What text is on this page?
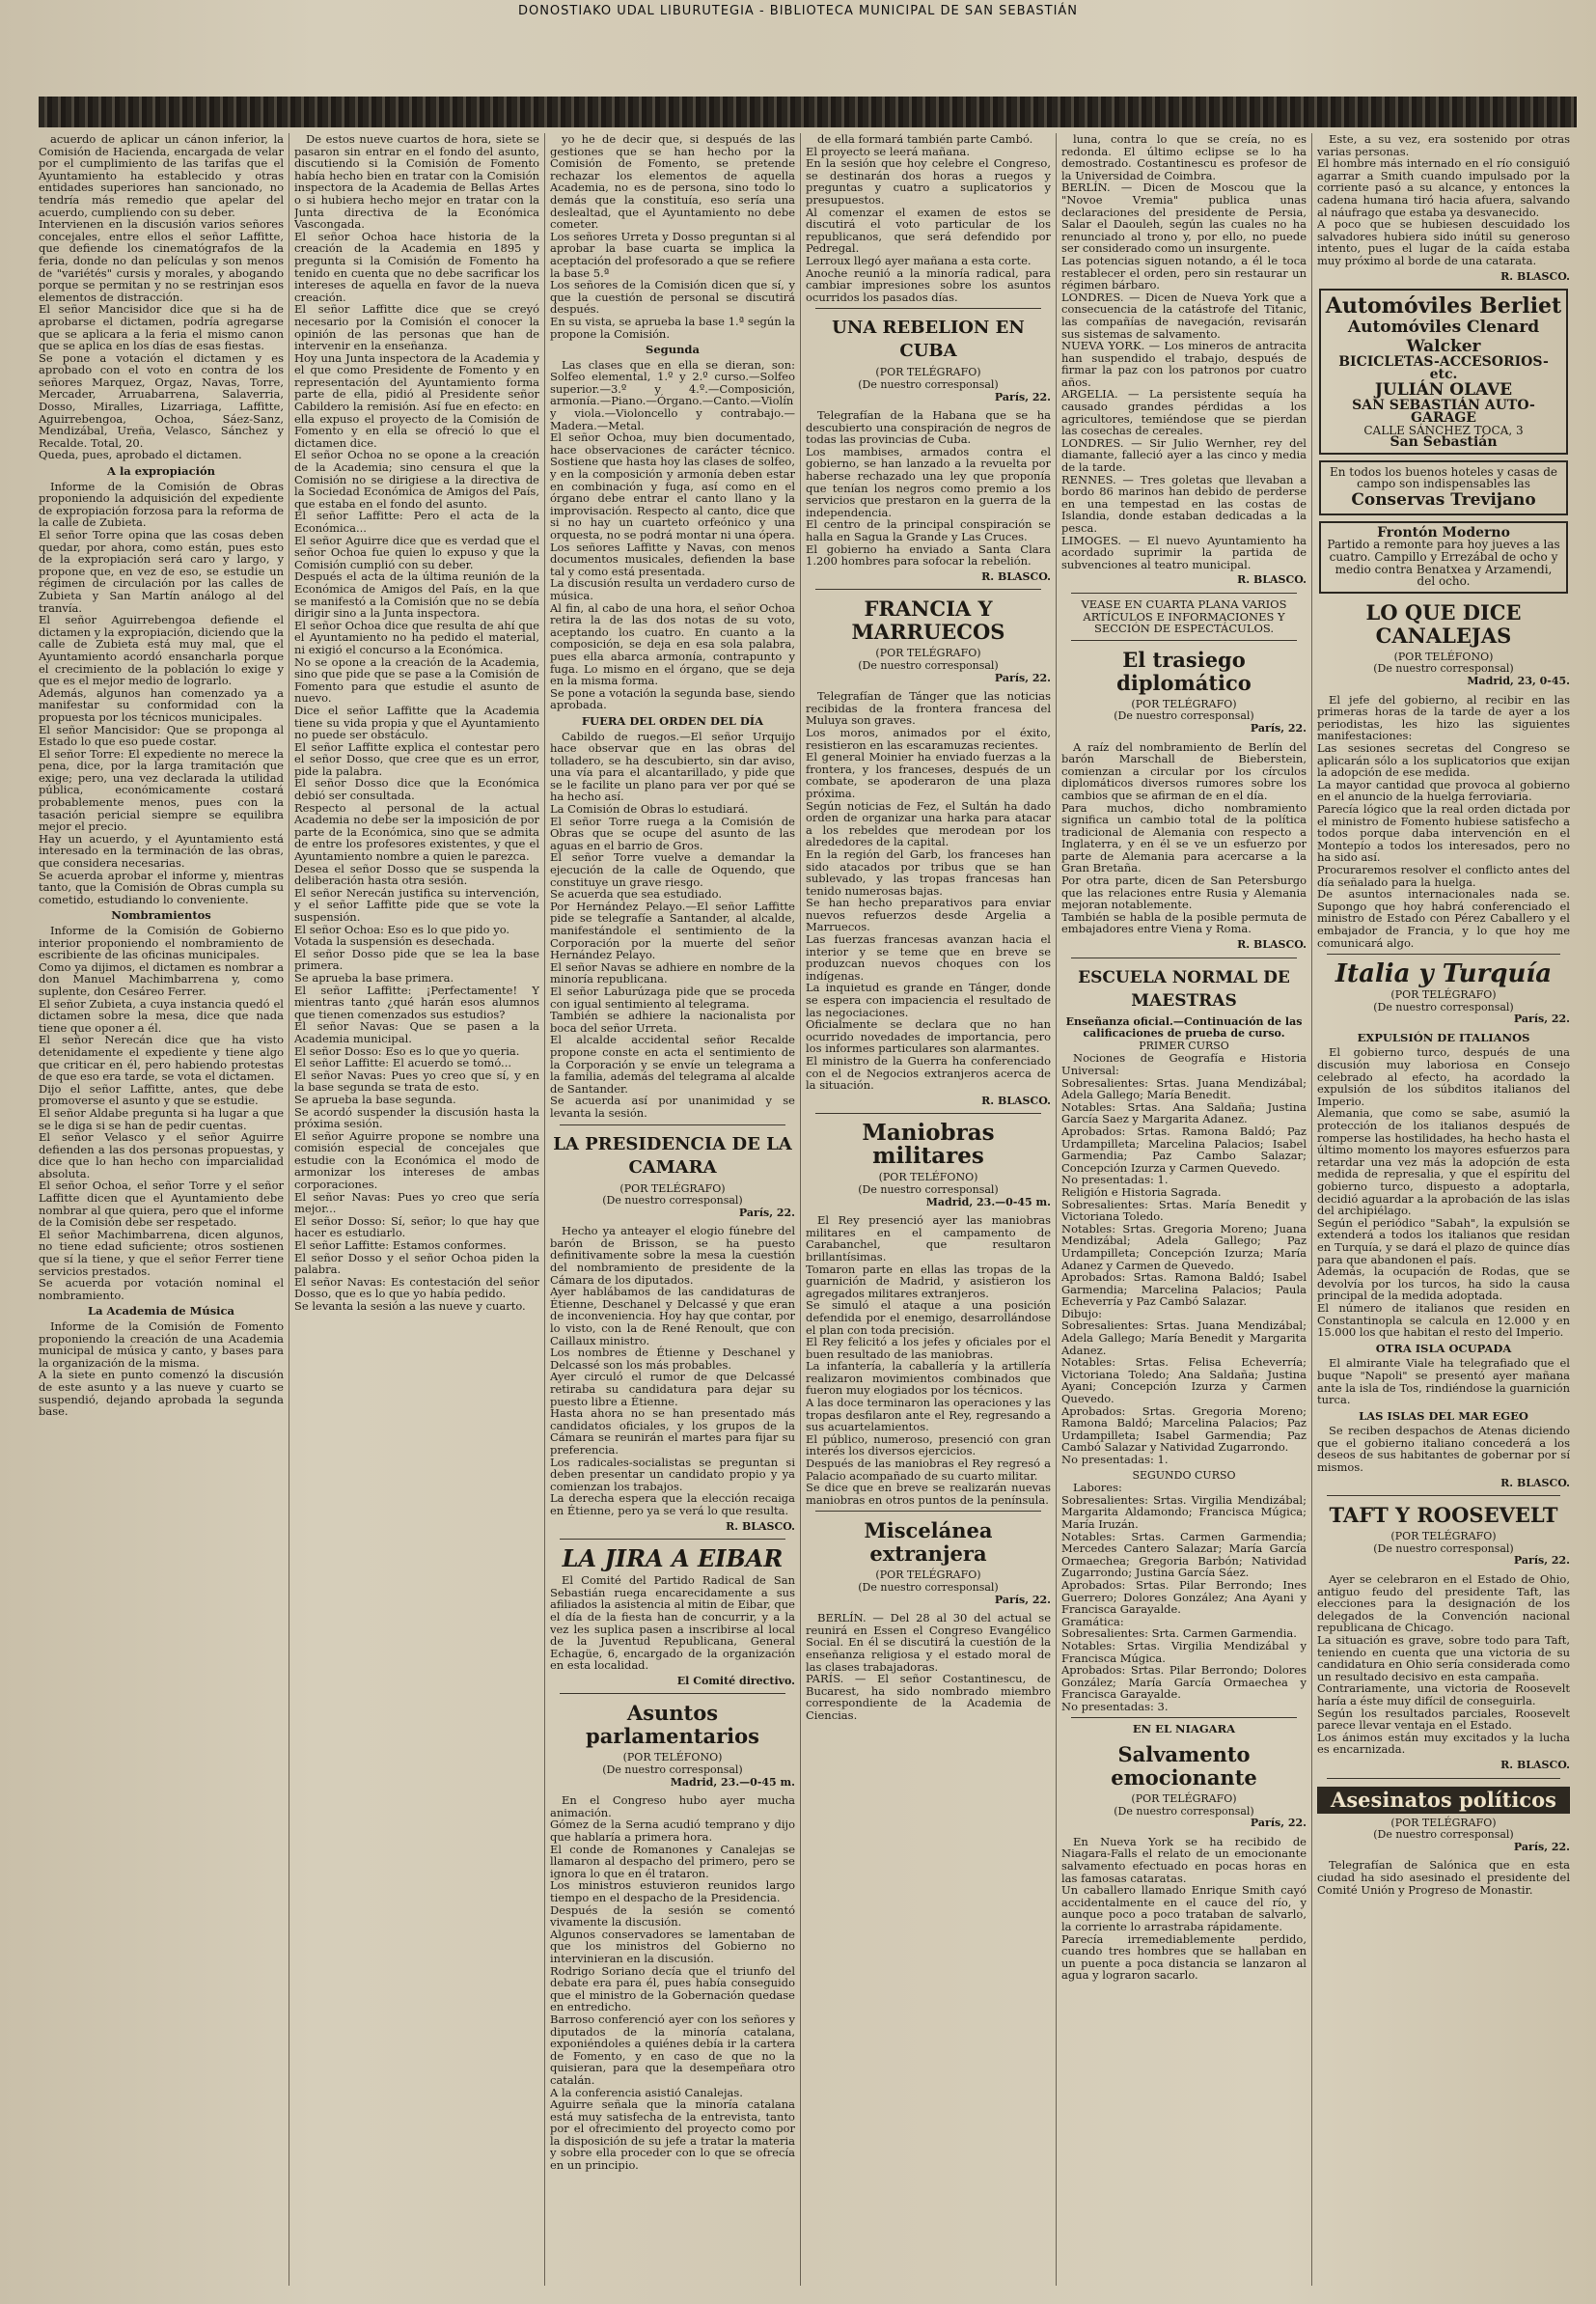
DONOSTIAKO UDAL LIBURUTEGIA - BIBLIOTECA MUNICIPAL DE SAN SEBASTIÁN
acuerdo de aplicar un cánon inferior, la Comisión de Hacienda, encargada de velar por el cumplimiento de las tarifas que el Ayuntamiento ha establecido y otras entidades superiores han sancionado, no tendría más remedio que apelar del acuerdo, cumpliendo con su deber.
Intervienen en la discusión varios señores concejales, entre ellos el señor Laffitte, que defiende los cinematógrafos de la feria, donde no dan películas y son menos de "variétés" cursis y morales, y abogando porque se permitan y no se restrinjan esos elementos de distracción.
El señor Mancisidor dice que si ha de aprobarse el dictamen, podría agregarse que se aplicara a la feria el mismo canon que se aplica en los días de esas fiestas.
Se pone a votación el dictamen y es aprobado con el voto en contra de los señores Marquez, Orgaz, Navas, Torre, Mercader, Arruabarrena, Salaverria, Dosso, Miralles, Lizarriaga, Laffitte, Aguirrebengoa, Ochoa, Sáez-Sanz, Mendizábal, Ureña, Velasco, Sánchez y Recalde. Total, 20.
Queda, pues, aprobado el dictamen.
A la expropiación
Informe de la Comisión de Obras proponiendo la adquisición del expediente de expropiación forzosa para la reforma de la calle de Zubieta.
El señor Torre opina que las cosas deben quedar, por ahora, como están, pues esto de la expropiación será caro y largo, y propone que, en vez de eso, se estudie un régimen de circulación por las calles de Zubieta y San Martín análogo al del tranvía.
El señor Aguirrebengoa defiende el dictamen y la expropiación, diciendo que la calle de Zubieta está muy mal, que el Ayuntamiento acordó ensancharla porque el crecimiento de la población lo exige y que es el mejor medio de lograrlo.
Además, algunos han comenzado ya a manifestar su conformidad con la propuesta por los técnicos municipales.
El señor Mancisidor: Que se proponga al Estado lo que eso puede costar.
El señor Torre: El expediente no merece la pena, dice, por la larga tramitación que exige; pero, una vez declarada la utilidad pública, económicamente costará probablemente menos, pues con la tasación pericial siempre se equilibra mejor el precio.
Hay un acuerdo, y el Ayuntamiento está interesado en la terminación de las obras, que considera necesarias.
Se acuerda aprobar el informe y, mientras tanto, que la Comisión de Obras cumpla su cometido, estudiando lo conveniente.
Nombramientos
Informe de la Comisión de Gobierno interior proponiendo el nombramiento de escribiente de las oficinas municipales.
Como ya dijimos, el dictamen es nombrar a don Manuel Machimbarrena y, como suplente, don Cesáreo Ferrer.
El señor Zubieta, a cuya instancia quedó el dictamen sobre la mesa, dice que nada tiene que oponer a él.
El señor Nerecán dice que ha visto detenidamente el expediente y tiene algo que criticar en él, pero habiendo protestas de que eso era tarde, se vota el dictamen.
Dijo el señor Laffitte, antes, que debe promoverse el asunto y que se estudie.
El señor Aldabe pregunta si ha lugar a que se le diga si se han de pedir cuentas.
El señor Velasco y el señor Aguirre defienden a las dos personas propuestas, y dice que lo han hecho con imparcialidad absoluta.
El señor Ochoa, el señor Torre y el señor Laffitte dicen que el Ayuntamiento debe nombrar al que quiera, pero que el informe de la Comisión debe ser respetado.
El señor Machimbarrena, dicen algunos, no tiene edad suficiente; otros sostienen que sí la tiene, y que el señor Ferrer tiene servicios prestados.
Se acuerda por votación nominal el nombramiento.
La Academia de Música
Informe de la Comisión de Fomento proponiendo la creación de una Academia municipal de música y canto, y bases para la organización de la misma.
A la siete en punto comenzó la discusión de este asunto y a las nueve y cuarto se suspendió, dejando aprobada la segunda base.
De estos nueve cuartos de hora, siete se pasaron sin entrar en el fondo del asunto, discutiendo si la Comisión de Fomento había hecho bien en tratar con la Comisión inspectora de la Academia de Bellas Artes o si hubiera hecho mejor en tratar con la Junta directiva de la Económica Vascongada.
El señor Ochoa hace historia de la creación de la Academia en 1895 y pregunta si la Comisión de Fomento ha tenido en cuenta que no debe sacrificar los intereses de aquella en favor de la nueva creación.
El señor Laffitte dice que se creyó necesario por la Comisión el conocer la opinión de las personas que han de intervenir en la enseñanza.
Hoy una Junta inspectora de la Academia y el que como Presidente de Fomento y en representación del Ayuntamiento forma parte de ella, pidió al Presidente señor Cabildero la remisión. Así fue en efecto: en ella expuso el proyecto de la Comisión de Fomento y en ella se ofreció lo que el dictamen dice.
El señor Ochoa no se opone a la creación de la Academia; sino censura el que la Comisión no se dirigiese a la directiva de la Sociedad Económica de Amigos del País, que estaba en el fondo del asunto.
El señor Laffitte: Pero el acta de la Económica...
El señor Aguirre dice que es verdad que el señor Ochoa fue quien lo expuso y que la Comisión cumplió con su deber.
Después el acta de la última reunión de la Económica de Amigos del País, en la que se manifestó a la Comisión que no se debía dirigir sino a la Junta inspectora.
El señor Ochoa dice que resulta de ahí que el Ayuntamiento no ha pedido el material, ni exigió el concurso a la Económica.
No se opone a la creación de la Academia, sino que pide que se pase a la Comisión de Fomento para que estudie el asunto de nuevo.
Dice el señor Laffitte que la Academia tiene su vida propia y que el Ayuntamiento no puede ser obstáculo.
El señor Laffitte explica el contestar pero el señor Dosso, que cree que es un error, pide la palabra.
El señor Dosso dice que la Económica debió ser consultada.
Respecto al personal de la actual Academia no debe ser la imposición de por parte de la Económica, sino que se admita de entre los profesores existentes, y que el Ayuntamiento nombre a quien le parezca.
Desea el señor Dosso que se suspenda la deliberación hasta otra sesión.
El señor Nerecán justifica su intervención, y el señor Laffitte pide que se vote la suspensión.
El señor Ochoa: Eso es lo que pido yo.
Votada la suspensión es desechada.
El señor Dosso pide que se lea la base primera.
Se aprueba la base primera.
El señor Laffitte: ¡Perfectamente! Y mientras tanto ¿qué harán esos alumnos que tienen comenzados sus estudios?
El señor Navas: Que se pasen a la Academia municipal.
El señor Dosso: Eso es lo que yo queria.
El señor Laffitte: El acuerdo se tomó...
El señor Navas: Pues yo creo que sí, y en la base segunda se trata de esto.
Se aprueba la base segunda.
Se acordó suspender la discusión hasta la próxima sesión.
El señor Aguirre propone se nombre una comisión especial de concejales que estudie con la Económica el modo de armonizar los intereses de ambas corporaciones.
El señor Navas: Pues yo creo que sería mejor...
El señor Dosso: Sí, señor; lo que hay que hacer es estudiarlo.
El señor Laffitte: Estamos conformes.
El señor Dosso y el señor Ochoa piden la palabra.
El señor Navas: Es contestación del señor Dosso, que es lo que yo había pedido.
Se levanta la sesión a las nueve y cuarto.
yo he de decir que, si después de las gestiones que se han hecho por la Comisión de Fomento, se pretende rechazar los elementos de aquella Academia, no es de persona, sino todo lo demás que la constituía, eso sería una deslealtad, que el Ayuntamiento no debe cometer.
Los señores Urreta y Dosso preguntan si al aprobar la base cuarta se implica la aceptación del profesorado a que se refiere la base 5.ª
Los señores de la Comisión dicen que sí, y que la cuestión de personal se discutirá después.
En su vista, se aprueba la base 1.ª según la propone la Comisión.
Segunda
Las clases que en ella se dieran, son: Solfeo elemental, 1.º y 2.º curso.—Solfeo superior.—3.º y 4.º.—Composición, armonía.—Piano.—Órgano.—Canto.—Violín y viola.—Violoncello y contrabajo.—Madera.—Metal.
El señor Ochoa, muy bien documentado, hace observaciones de carácter técnico. Sostiene que hasta hoy las clases de solfeo, y en la composición y armonía deben estar en combinación y fuga, así como en el órgano debe entrar el canto llano y la improvisación. Respecto al canto, dice que si no hay un cuarteto orfeónico y una orquesta, no se podrá montar ni una ópera.
Los señores Laffitte y Navas, con menos documentos musicales, defienden la base tal y como está presentada.
La discusión resulta un verdadero curso de música.
Al fin, al cabo de una hora, el señor Ochoa retira la de las dos notas de su voto, aceptando los cuatro. En cuanto a la composición, se deja en esa sola palabra, pues ella abarca armonía, contrapunto y fuga. Lo mismo en el órgano, que se deja en la misma forma.
Se pone a votación la segunda base, siendo aprobada.
FUERA DEL ORDEN DEL DÍA
Cabildo de ruegos.—El señor Urquijo hace observar que en las obras del tolladero, se ha descubierto, sin dar aviso, una vía para el alcantarillado, y pide que se le facilite un plano para ver por qué se ha hecho así.
La Comisión de Obras lo estudiará.
El señor Torre ruega a la Comisión de Obras que se ocupe del asunto de las aguas en el barrio de Gros.
El señor Torre vuelve a demandar la ejecución de la calle de Oquendo, que constituye un grave riesgo.
Se acuerda que sea estudiado.
Por Hernández Pelayo.—El señor Laffitte pide se telegrafíe a Santander, al alcalde, manifestándole el sentimiento de la Corporación por la muerte del señor Hernández Pelayo.
El señor Navas se adhiere en nombre de la minoría republicana.
El señor Laburúzaga pide que se proceda con igual sentimiento al telegrama.
También se adhiere la nacionalista por boca del señor Urreta.
El alcalde accidental señor Recalde propone conste en acta el sentimiento de la Corporación y se envíe un telegrama a la familia, además del telegrama al alcalde de Santander.
Se acuerda así por unanimidad y se levanta la sesión.
LA PRESIDENCIA DE LA CAMARA
(POR TELÉGRAFO)
(De nuestro corresponsal)
París, 22.
Hecho ya anteayer el elogio fúnebre del barón de Brisson, se ha puesto definitivamente sobre la mesa la cuestión del nombramiento de presidente de la Cámara de los diputados.
Ayer hablábamos de las candidaturas de Étienne, Deschanel y Delcassé y que eran de inconveniencia. Hoy hay que contar, por lo visto, con la de René Renoult, que con Caillaux ministro.
Los nombres de Étienne y Deschanel y Delcassé son los más probables.
Ayer circuló el rumor de que Delcassé retiraba su candidatura para dejar su puesto libre a Étienne.
Hasta ahora no se han presentado más candidatos oficiales, y los grupos de la Cámara se reunirán el martes para fijar su preferencia.
Los radicales-socialistas se preguntan si deben presentar un candidato propio y ya comienzan los trabajos.
La derecha espera que la elección recaiga en Étienne, pero ya se verá lo que resulta.
R. BLASCO.
LA JIRA A EIBAR
El Comité del Partido Radical de San Sebastián ruega encarecidamente a sus afiliados la asistencia al mitin de Eibar, que el día de la fiesta han de concurrir, y a la vez les suplica pasen a inscribirse al local de la Juventud Republicana, General Echagüe, 6, encargado de la organización en esta localidad.
El Comité directivo.
Asuntos parlamentarios
(POR TELÉFONO)
(De nuestro corresponsal)
Madrid, 23.—0-45 m.
En el Congreso hubo ayer mucha animación.
Gómez de la Serna acudió temprano y dijo que hablaría a primera hora.
El conde de Romanones y Canalejas se llamaron al despacho del primero, pero se ignora lo que en él trataron.
Los ministros estuvieron reunidos largo tiempo en el despacho de la Presidencia.
Después de la sesión se comentó vivamente la discusión.
Algunos conservadores se lamentaban de que los ministros del Gobierno no intervinieran en la discusión.
Rodrigo Soriano decía que el triunfo del debate era para él, pues había conseguido que el ministro de la Gobernación quedase en entredicho.
Barroso conferenció ayer con los señores y diputados de la minoría catalana, exponiéndoles a quiénes debía ir la cartera de Fomento, y en caso de que no la quisieran, para que la desempeñara otro catalán.
A la conferencia asistió Canalejas.
Aguirre señala que la minoría catalana está muy satisfecha de la entrevista, tanto por el ofrecimiento del proyecto como por la disposición de su jefe a tratar la materia y sobre ella proceder con lo que se ofrecía en un principio.
de ella formará también parte Cambó.
El proyecto se leerá mañana.
En la sesión que hoy celebre el Congreso, se destinarán dos horas a ruegos y preguntas y cuatro a suplicatorios y presupuestos.
Al comenzar el examen de estos se discutirá el voto particular de los republicanos, que será defendido por Pedregal.
Lerroux llegó ayer mañana a esta corte.
Anoche reunió a la minoría radical, para cambiar impresiones sobre los asuntos ocurridos los pasados días.
UNA REBELION EN CUBA
(POR TELÉGRAFO)
(De nuestro corresponsal)
París, 22.
Telegrafían de la Habana que se ha descubierto una conspiración de negros de todas las provincias de Cuba.
Los mambises, armados contra el gobierno, se han lanzado a la revuelta por haberse rechazado una ley que proponía que tenían los negros como premio a los servicios que prestaron en la guerra de la independencia.
El centro de la principal conspiración se halla en Sagua la Grande y Las Cruces.
El gobierno ha enviado a Santa Clara 1.200 hombres para sofocar la rebelión.
R. BLASCO.
FRANCIA Y MARRUECOS
(POR TELÉGRAFO)
(De nuestro corresponsal)
París, 22.
Telegrafían de Tánger que las noticias recibidas de la frontera francesa del Muluya son graves.
Los moros, animados por el éxito, resistieron en las escaramuzas recientes.
El general Moinier ha enviado fuerzas a la frontera, y los franceses, después de un combate, se apoderaron de una plaza próxima.
Según noticias de Fez, el Sultán ha dado orden de organizar una harka para atacar a los rebeldes que merodean por los alrededores de la capital.
En la región del Garb, los franceses han sido atacados por tribus que se han sublevado, y las tropas francesas han tenido numerosas bajas.
Se han hecho preparativos para enviar nuevos refuerzos desde Argelia a Marruecos.
Las fuerzas francesas avanzan hacia el interior y se teme que en breve se produzcan nuevos choques con los indígenas.
La inquietud es grande en Tánger, donde se espera con impaciencia el resultado de las negociaciones.
Oficialmente se declara que no han ocurrido novedades de importancia, pero los informes particulares son alarmantes.
El ministro de la Guerra ha conferenciado con el de Negocios extranjeros acerca de la situación.
R. BLASCO.
Maniobras militares
(POR TELÉFONO)
(De nuestro corresponsal)
Madrid, 23.—0-45 m.
El Rey presenció ayer las maniobras militares en el campamento de Carabanchel, que resultaron brillantísimas.
Tomaron parte en ellas las tropas de la guarnición de Madrid, y asistieron los agregados militares extranjeros.
Se simuló el ataque a una posición defendida por el enemigo, desarrollándose el plan con toda precisión.
El Rey felicitó a los jefes y oficiales por el buen resultado de las maniobras.
La infantería, la caballería y la artillería realizaron movimientos combinados que fueron muy elogiados por los técnicos.
A las doce terminaron las operaciones y las tropas desfilaron ante el Rey, regresando a sus acuartelamientos.
El público, numeroso, presenció con gran interés los diversos ejercicios.
Después de las maniobras el Rey regresó a Palacio acompañado de su cuarto militar.
Se dice que en breve se realizarán nuevas maniobras en otros puntos de la península.
Miscelánea extranjera
(POR TELÉGRAFO)
(De nuestro corresponsal)
París, 22.
BERLÍN. — Del 28 al 30 del actual se reunirá en Essen el Congreso Evangélico Social. En él se discutirá la cuestión de la enseñanza religiosa y el estado moral de las clases trabajadoras.
PARÍS. — El señor Costantinescu, de Bucarest, ha sido nombrado miembro correspondiente de la Academia de Ciencias.
luna, contra lo que se creía, no es redonda. El último eclipse se lo ha demostrado. Costantinescu es profesor de la Universidad de Coimbra.
BERLÍN. — Dicen de Moscou que la "Novoe Vremia" publica unas declaraciones del presidente de Persia, Salar el Daouleh, según las cuales no ha renunciado al trono y, por ello, no puede ser considerado como un insurgente.
Las potencias siguen notando, a él le toca restablecer el orden, pero sin restaurar un régimen bárbaro.
LONDRES. — Dicen de Nueva York que a consecuencia de la catástrofe del Titanic, las compañías de navegación, revisarán sus sistemas de salvamento.
NUEVA YORK. — Los mineros de antracita han suspendido el trabajo, después de firmar la paz con los patronos por cuatro años.
ARGELIA. — La persistente sequía ha causado grandes pérdidas a los agricultores, temiéndose que se pierdan las cosechas de cereales.
LONDRES. — Sir Julio Wernher, rey del diamante, falleció ayer a las cinco y media de la tarde.
RENNES. — Tres goletas que llevaban a bordo 86 marinos han debido de perderse en una tempestad en las costas de Islandia, donde estaban dedicadas a la pesca.
LIMOGES. — El nuevo Ayuntamiento ha acordado suprimir la partida de subvenciones al teatro municipal.
R. BLASCO.
VEASE EN CUARTA PLANA VARIOS ARTÍCULOS E INFORMACIONES Y SECCIÓN DE ESPECTÁCULOS.
El trasiego diplomático
(POR TELÉGRAFO)
(De nuestro corresponsal)
París, 22.
A raíz del nombramiento de Berlín del barón Marschall de Bieberstein, comienzan a circular por los círculos diplomáticos diversos rumores sobre los cambios que se afirman de en el día.
Para muchos, dicho nombramiento significa un cambio total de la política tradicional de Alemania con respecto a Inglaterra, y en él se ve un esfuerzo por parte de Alemania para acercarse a la Gran Bretaña.
Por otra parte, dicen de San Petersburgo que las relaciones entre Rusia y Alemania mejoran notablemente.
También se habla de la posible permuta de embajadores entre Viena y Roma.
R. BLASCO.
ESCUELA NORMAL DE MAESTRAS
Enseñanza oficial.—Continuación de las calificaciones de prueba de curso.
PRIMER CURSO
Nociones de Geografía e Historia Universal:
Sobresalientes: Srtas. Juana Mendizábal; Adela Gallego; María Benedit.
Notables: Srtas. Ana Saldaña; Justina García Saez y Margarita Adanez.
Aprobados: Srtas. Ramona Baldó; Paz Urdampilleta; Marcelina Palacios; Isabel Garmendia; Paz Cambo Salazar; Concepción Izurza y Carmen Quevedo.
No presentadas: 1.
Religión e Historia Sagrada.
Sobresalientes: Srtas. María Benedit y Victoriana Toledo.
Notables: Srtas. Gregoria Moreno; Juana Mendizábal; Adela Gallego; Paz Urdampilleta; Concepción Izurza; María Adanez y Carmen de Quevedo.
Aprobados: Srtas. Ramona Baldó; Isabel Garmendia; Marcelina Palacios; Paula Echeverría y Paz Cambó Salazar.
Dibujo:
Sobresalientes: Srtas. Juana Mendizábal; Adela Gallego; María Benedit y Margarita Adanez.
Notables: Srtas. Felisa Echeverría; Victoriana Toledo; Ana Saldaña; Justina Ayani; Concepción Izurza y Carmen Quevedo.
Aprobados: Srtas. Gregoria Moreno; Ramona Baldó; Marcelina Palacios; Paz Urdampilleta; Isabel Garmendia; Paz Cambó Salazar y Natividad Zugarrondo.
No presentadas: 1.
SEGUNDO CURSO
Labores:
Sobresalientes: Srtas. Virgilia Mendizábal; Margarita Aldamondo; Francisca Múgica; María Iruzán.
Notables: Srtas. Carmen Garmendia; Mercedes Cantero Salazar; María García Ormaechea; Gregoria Barbón; Natividad Zugarrondo; Justina García Sáez.
Aprobados: Srtas. Pilar Berrondo; Ines Guerrero; Dolores González; Ana Ayani y Francisca Garayalde.
Gramática:
Sobresalientes: Srta. Carmen Garmendia.
Notables: Srtas. Virgilia Mendizábal y Francisca Múgica.
Aprobados: Srtas. Pilar Berrondo; Dolores González; María García Ormaechea y Francisca Garayalde.
No presentadas: 3.
EN EL NIAGARA
Salvamento emocionante
(POR TELÉGRAFO)
(De nuestro corresponsal)
París, 22.
En Nueva York se ha recibido de Niagara-Falls el relato de un emocionante salvamento efectuado en pocas horas en las famosas cataratas.
Un caballero llamado Enrique Smith cayó accidentalmente en el cauce del río, y aunque poco a poco trataban de salvarlo, la corriente lo arrastraba rápidamente.
Parecía irremediablemente perdido, cuando tres hombres que se hallaban en un puente a poca distancia se lanzaron al agua y lograron sacarlo.
Este, a su vez, era sostenido por otras varias personas.
El hombre más internado en el río consiguió agarrar a Smith cuando impulsado por la corriente pasó a su alcance, y entonces la cadena humana tiró hacia afuera, salvando al náufrago que estaba ya desvanecido.
A poco que se hubiesen descuidado los salvadores hubiera sido inútil su generoso intento, pues el lugar de la caída estaba muy próximo al borde de una catarata.
R. BLASCO.
Automóviles Berliet
Automóviles Clenard Walcker
BICICLETAS-ACCESORIOS-etc.
JULIÁN OLAVE
SAN SEBASTIÁN AUTO-GARAGE
CALLE SÁNCHEZ TOCA, 3
San Sebastián
En todos los buenos hoteles y casas de campo son indispensables las
Conservas Trevijano
Frontón Moderno
Partido a remonte para hoy jueves a las cuatro. Campillo y Errezábal de ocho y medio contra Benatxea y Arzamendi, del ocho.
LO QUE DICE CANALEJAS
(POR TELÉFONO)
(De nuestro corresponsal)
Madrid, 23, 0-45.
El jefe del gobierno, al recibir en las primeras horas de la tarde de ayer a los periodistas, les hizo las siguientes manifestaciones:
Las sesiones secretas del Congreso se aplicarán sólo a los suplicatorios que exijan la adopción de ese medida.
La mayor cantidad que provoca al gobierno en el anuncio de la huelga ferroviaria.
Parecía lógico que la real orden dictada por el ministro de Fomento hubiese satisfecho a todos porque daba intervención en el Montepío a todos los interesados, pero no ha sido así.
Procuraremos resolver el conflicto antes del día señalado para la huelga.
De asuntos internacionales nada se. Supongo que hoy habrá conferenciado el ministro de Estado con Pérez Caballero y el embajador de Francia, y lo que hoy me comunicará algo.
Italia y Turquía
(POR TELÉGRAFO)
(De nuestro corresponsal)
París, 22.
EXPULSIÓN DE ITALIANOS
El gobierno turco, después de una discusión muy laboriosa en Consejo celebrado al efecto, ha acordado la expulsión de los súbditos italianos del Imperio.
Alemania, que como se sabe, asumió la protección de los italianos después de romperse las hostilidades, ha hecho hasta el último momento los mayores esfuerzos para retardar una vez más la adopción de esta medida de represalia, y que el espíritu del gobierno turco, dispuesto a adoptarla, decidió aguardar a la aprobación de las islas del archipiélago.
Según el periódico "Sabah", la expulsión se extenderá a todos los italianos que residan en Turquía, y se dará el plazo de quince días para que abandonen el país.
Además, la ocupación de Rodas, que se devolvía por los turcos, ha sido la causa principal de la medida adoptada.
El número de italianos que residen en Constantinopla se calcula en 12.000 y en 15.000 los que habitan el resto del Imperio.
OTRA ISLA OCUPADA
El almirante Viale ha telegrafiado que el buque "Napoli" se presentó ayer mañana ante la isla de Tos, rindiéndose la guarnición turca.
LAS ISLAS DEL MAR EGEO
Se reciben despachos de Atenas diciendo que el gobierno italiano concederá a los deseos de sus habitantes de gobernar por sí mismos.
R. BLASCO.
TAFT Y ROOSEVELT
(POR TELÉGRAFO)
(De nuestro corresponsal)
París, 22.
Ayer se celebraron en el Estado de Ohio, antiguo feudo del presidente Taft, las elecciones para la designación de los delegados de la Convención nacional republicana de Chicago.
La situación es grave, sobre todo para Taft, teniendo en cuenta que una victoria de su candidatura en Ohio sería considerada como un resultado decisivo en esta campaña.
Contrariamente, una victoria de Roosevelt haría a éste muy difícil de conseguirla.
Según los resultados parciales, Roosevelt parece llevar ventaja en el Estado.
Los ánimos están muy excitados y la lucha es encarnizada.
R. BLASCO.
Asesinatos políticos
(POR TELÉGRAFO)
(De nuestro corresponsal)
París, 22.
Telegrafían de Salónica que en esta ciudad ha sido asesinado el presidente del Comité Unión y Progreso de Monastir.
